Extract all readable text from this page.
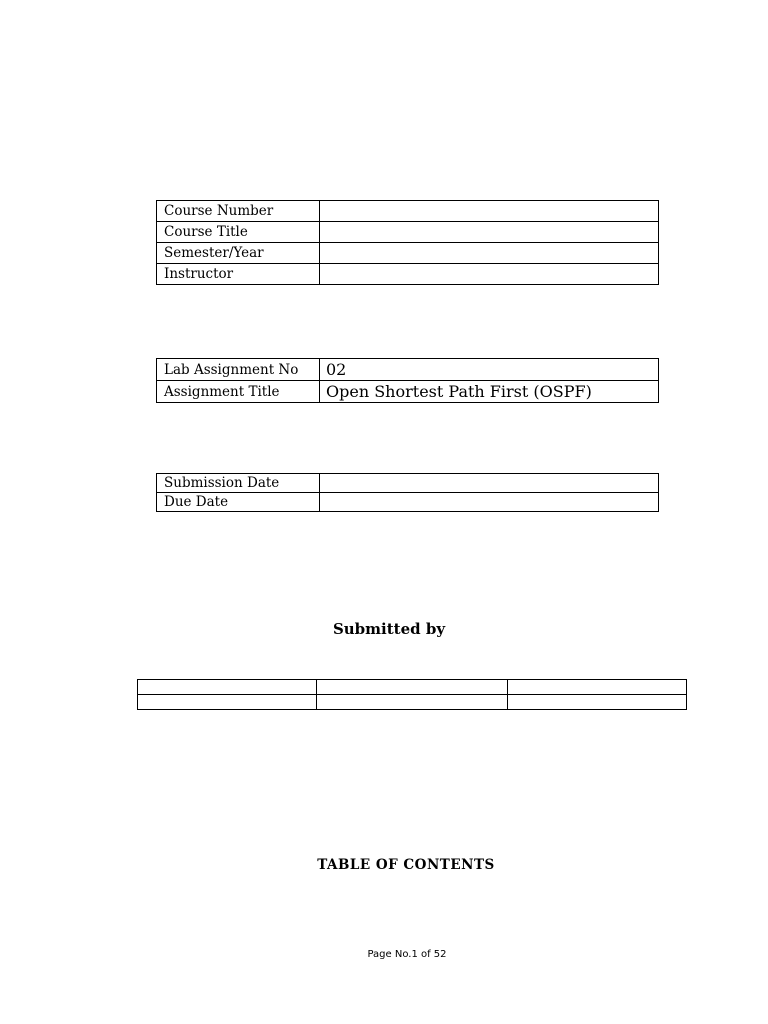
Course Number	
Course Title	
Semester/Year	
Instructor	
Lab Assignment No	02
Assignment Title	Open Shortest Path First (OSPF)
Submission Date	
Due Date	
Submitted by

TABLE OF CONTENTS
Page No.1 of 52
